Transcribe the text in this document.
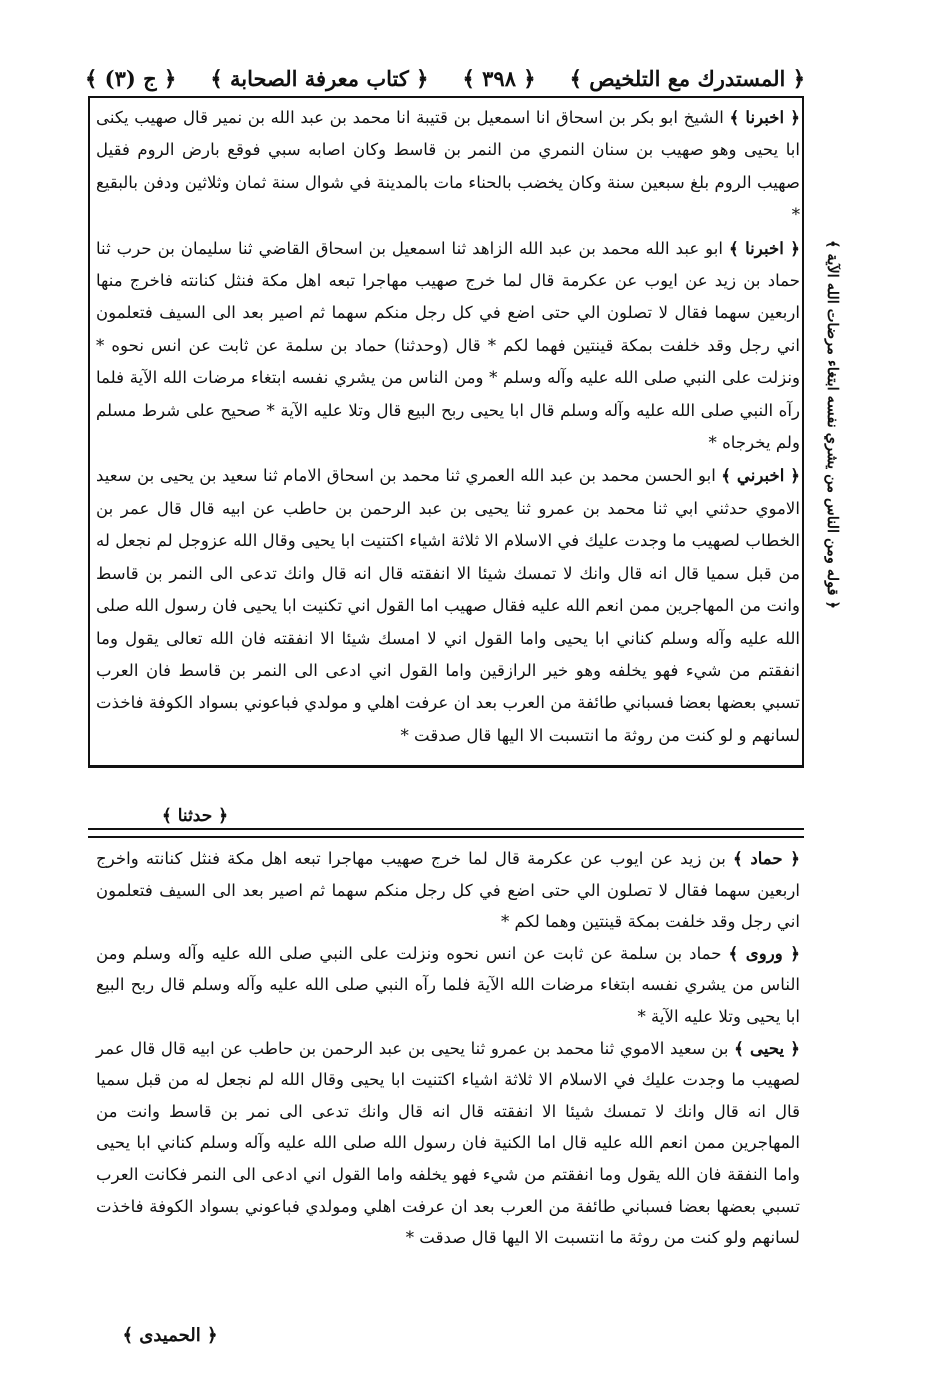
﴿ المستدرك مع التلخيص ﴾
﴿ ٣٩٨ ﴾
﴿ كتاب معرفة الصحابة ﴾
﴿ ج (٣) ﴾

﴿ اخبرنا ﴾ الشيخ ابو بكر بن اسحاق انا اسمعيل بن قتيبة انا محمد بن عبد الله بن نمير قال صهيب يكنى ابا يحيى وهو صهيب بن سنان النمري من النمر بن قاسط وكان اصابه سبي فوقع بارض الروم فقيل صهيب الروم بلغ سبعين سنة وكان يخضب بالحناء مات بالمدينة في شوال سنة ثمان وثلاثين ودفن بالبقيع *

﴿ اخبرنا ﴾ ابو عبد الله محمد بن عبد الله الزاهد ثنا اسمعيل بن اسحاق القاضي ثنا سليمان بن حرب ثنا حماد بن زيد عن ايوب عن عكرمة قال لما خرج صهيب مهاجرا تبعه اهل مكة فنثل كنانته فاخرج منها اربعين سهما فقال لا تصلون الي حتى اضع في كل رجل منكم سهما ثم اصير بعد الى السيف فتعلمون اني رجل وقد خلفت بمكة قينتين فهما لكم * قال (وحدثنا) حماد بن سلمة عن ثابت عن انس نحوه * ونزلت على النبي صلى الله عليه وآله وسلم * ومن الناس من يشري نفسه ابتغاء مرضات الله الآية فلما رآه النبي صلى الله عليه وآله وسلم قال ابا يحيى ربح البيع قال وتلا عليه الآية * صحيح على شرط مسلم ولم يخرجاه *

﴿ اخبرني ﴾ ابو الحسن محمد بن عبد الله العمري ثنا محمد بن اسحاق الامام ثنا سعيد بن يحيى بن سعيد الاموي حدثني ابي ثنا محمد بن عمرو ثنا يحيى بن عبد الرحمن بن حاطب عن ابيه قال قال عمر بن الخطاب لصهيب ما وجدت عليك في الاسلام الا ثلاثة اشياء اكتنيت ابا يحيى وقال الله عزوجل لم نجعل له من قبل سميا قال انه قال وانك لا تمسك شيئا الا انفقته قال انه قال وانك تدعى الى النمر بن قاسط وانت من المهاجرين ممن انعم الله عليه فقال صهيب اما القول اني تكنيت ابا يحيى فان رسول الله صلى الله عليه وآله وسلم كناني ابا يحيى واما القول اني لا امسك شيئا الا انفقته فان الله تعالى يقول وما انفقتم من شيء فهو يخلفه وهو خير الرازقين واما القول اني ادعى الى النمر بن قاسط فان العرب تسبي بعضها بعضا فسباني طائفة من العرب بعد ان عرفت اهلي و مولدي فباعوني بسواد الكوفة فاخذت لسانهم و لو كنت من روثة ما انتسبت الا اليها قال صدقت *

﴿ قوله ومن الناس من يشري نفسه ابتغاء مرضات الله الآية ﴾
﴿ حدثنا ﴾

﴿ حماد ﴾ بن زيد عن ايوب عن عكرمة قال لما خرج صهيب مهاجرا تبعه اهل مكة فنثل كنانته واخرج اربعين سهما فقال لا تصلون الي حتى اضع في كل رجل منكم سهما ثم اصير بعد الى السيف فتعلمون اني رجل وقد خلفت بمكة قينتين وهما لكم *

﴿ وروى ﴾ حماد بن سلمة عن ثابت عن انس نحوه ونزلت على النبي صلى الله عليه وآله وسلم ومن الناس من يشري نفسه ابتغاء مرضات الله الآية فلما رآه النبي صلى الله عليه وآله وسلم قال ربح البيع ابا يحيى وتلا عليه الآية *

﴿ يحيى ﴾ بن سعيد الاموي ثنا محمد بن عمرو ثنا يحيى بن عبد الرحمن بن حاطب عن ابيه قال قال عمر لصهيب ما وجدت عليك في الاسلام الا ثلاثة اشياء اكتنيت ابا يحيى وقال الله لم نجعل له من قبل سميا قال انه قال وانك لا تمسك شيئا الا انفقته قال انه قال وانك تدعى الى نمر بن قاسط وانت من المهاجرين ممن انعم الله عليه قال اما الكنية فان رسول الله صلى الله عليه وآله وسلم كناني ابا يحيى واما النفقة فان الله يقول وما انفقتم من شيء فهو يخلفه واما القول اني ادعى الى النمر فكانت العرب تسبي بعضها بعضا فسباني طائفة من العرب بعد ان عرفت اهلي ومولدي فباعوني بسواد الكوفة فاخذت لسانهم ولو كنت من روثة ما انتسبت الا اليها قال صدقت *

﴿ الحميدى ﴾
